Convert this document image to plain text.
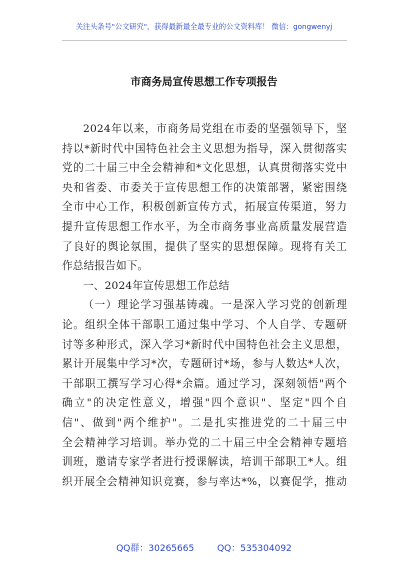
关注头条号"公文研究"，获得最新最全最专业的公文资料库！ 微信：gongwenyj
市商务局宣传思想工作专项报告
2024年以来，市商务局党组在市委的坚强领导下，坚
持以*新时代中国特色社会主义思想为指导，深入贯彻落实
党的二十届三中全会精神和*文化思想，认真贯彻落实党中
央和省委、市委关于宣传思想工作的决策部署，紧密围绕
全市中心工作，积极创新宣传方式，拓展宣传渠道，努力
提升宣传思想工作水平，为全市商务事业高质量发展营造
了良好的舆论氛围，提供了坚实的思想保障。现将有关工
作总结报告如下。
一、2024年宣传思想工作总结
（一）理论学习强基铸魂。一是深入学习党的创新理
论。组织全体干部职工通过集中学习、个人自学、专题研
讨等多种形式，深入学习*新时代中国特色社会主义思想，
累计开展集中学习*次，专题研讨*场，参与人数达*人次，
干部职工撰写学习心得*余篇。通过学习，深刻领悟"两个
确立"的决定性意义，增强"四个意识"、坚定"四个自
信"、做到"两个维护"。二是扎实推进党的二十届三中
全会精神学习培训。举办党的二十届三中全会精神专题培
训班，邀请专家学者进行授课解读，培训干部职工*人。组
织开展全会精神知识竞赛，参与率达*%，以赛促学，推动
QQ群：30265665	QQ：535304092
